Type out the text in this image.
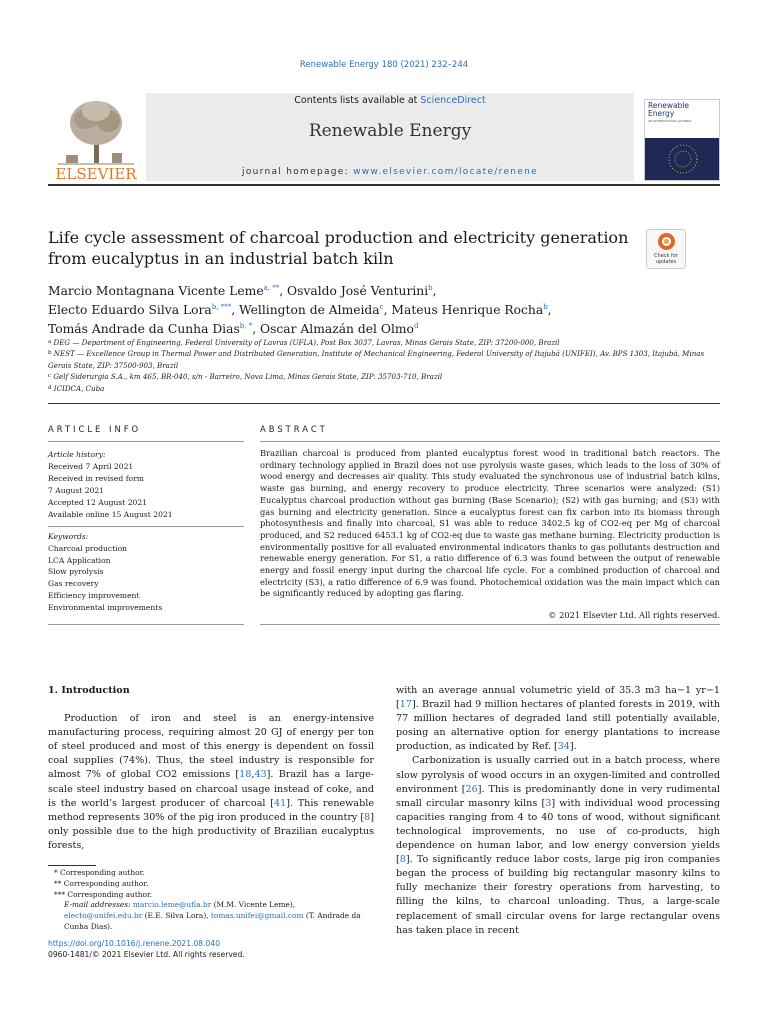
Renewable Energy 180 (2021) 232–244
ELSEVIER
Contents lists available at ScienceDirect
Renewable Energy
journal homepage: www.elsevier.com/locate/renene
Renewable Energy
AN INTERNATIONAL JOURNAL
Life cycle assessment of charcoal production and electricity generation from eucalyptus in an industrial batch kiln	Check for updates
Marcio Montagnana Vicente Leme$^{a, **}$, Osvaldo José Venturini$^b$,
Electo Eduardo Silva Lora$^{b, ***}$, Wellington de Almeida$^c$, Mateus Henrique Rocha$^b$,
Tomás Andrade da Cunha Dias$^{b, *}$, Oscar Almazán del Olmo$^d$
$^a$ DEG — Department of Engineering, Federal University of Lavras (UFLA), Post Box 3037, Lavras, Minas Gerais State, ZIP: 37200-000, Brazil
$^b$ NEST — Excellence Group in Thermal Power and Distributed Generation, Institute of Mechanical Engineering, Federal University of Itajubá (UNIFEI), Av. BPS 1303, Itajubá, Minas Gerais State, ZIP: 37500-903, Brazil
$^c$ Gelf Siderurgia S.A., km 465, BR-040, s/n - Barreiro, Nova Lima, Minas Gerais State, ZIP: 35703-710, Brazil
$^d$ ICIDCA, Cuba
ARTICLE INFO	ABSTRACT
Article history:
Received 7 April 2021
Received in revised form
7 August 2021
Accepted 12 August 2021
Available online 15 August 2021
Keywords:
Charcoal production
LCA Application
Slow pyrolysis
Gas recovery
Efficiency improvement
Environmental improvements
Brazilian charcoal is produced from planted eucalyptus forest wood in traditional batch reactors. The ordinary technology applied in Brazil does not use pyrolysis waste gases, which leads to the loss of 30% of wood energy and decreases air quality. This study evaluated the synchronous use of industrial batch kilns, waste gas burning, and energy recovery to produce electricity. Three scenarios were analyzed: (S1) Eucalyptus charcoal production without gas burning (Base Scenario); (S2) with gas burning; and (S3) with gas burning and electricity generation. Since a eucalyptus forest can fix carbon into its biomass through photosynthesis and finally into charcoal, S1 was able to reduce 3402.5 kg of CO2-eq per Mg of charcoal produced, and S2 reduced 6453.1 kg of CO2-eq due to waste gas methane burning. Electricity production is environmentally positive for all evaluated environmental indicators thanks to gas pollutants destruction and renewable energy generation. For S1, a ratio difference of 6.3 was found between the output of renewable energy and fossil energy input during the charcoal life cycle. For a combined production of charcoal and electricity (S3), a ratio difference of 6.9 was found. Photochemical oxidation was the main impact which can be significantly reduced by adopting gas flaring.
© 2021 Elsevier Ltd. All rights reserved.
1. Introduction

Production of iron and steel is an energy-intensive manufacturing process, requiring almost 20 GJ of energy per ton of steel produced and most of this energy is dependent on fossil coal supplies (74%). Thus, the steel industry is responsible for almost 7% of global CO2 emissions [18,43]. Brazil has a large-scale steel industry based on charcoal usage instead of coke, and is the world’s largest producer of charcoal [41]. This renewable method represents 30% of the pig iron produced in the country [8] only possible due to the high productivity of Brazilian eucalyptus forests,

with an average annual volumetric yield of 35.3 m3 ha−1 yr−1 [17]. Brazil had 9 million hectares of planted forests in 2019, with 77 million hectares of degraded land still potentially available, posing an alternative option for energy plantations to increase production, as indicated by Ref. [34].

Carbonization is usually carried out in a batch process, where slow pyrolysis of wood occurs in an oxygen-limited and controlled environment [26]. This is predominantly done in very rudimental small circular masonry kilns [3] with individual wood processing capacities ranging from 4 to 40 tons of wood, without significant technological improvements, no use of co-products, high dependence on human labor, and low energy conversion yields [8]. To significantly reduce labor costs, large pig iron companies began the process of building big rectangular masonry kilns to fully mechanize their forestry operations from harvesting, to filling the kilns, to charcoal unloading. Thus, a large-scale replacement of small circular ovens for large rectangular ovens has taken place in recent

* Corresponding author.
** Corresponding author.
*** Corresponding author.
E-mail addresses: marcio.leme@ufla.br (M.M. Vicente Leme), electo@unifei.edu.br (E.E. Silva Lora), tomas.unifei@gmail.com (T. Andrade da Cunha Dias).
https://doi.org/10.1016/j.renene.2021.08.040
0960-1481/© 2021 Elsevier Ltd. All rights reserved.
